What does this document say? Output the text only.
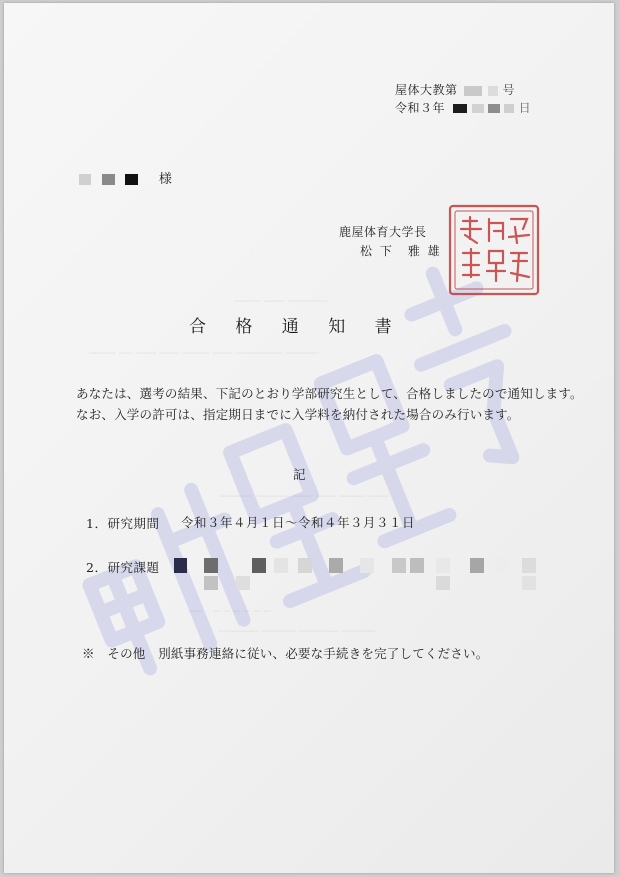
──── ─── ──────
──── ── ─── ─── ──── ─── ─────── ─────
───── ───── ─── ─── ──── ───
──　─ ─ ─ ─ ─ ─
────── ───── ────── ─────
屋体大教第	号
令和３年	日
様
鹿屋体育大学長
松 下　雅 雄
合 格 通 知 書
あなたは、選考の結果、下記のとおり学部研究生として、合格しましたので通知します。
なお、入学の許可は、指定期日までに入学料を納付された場合のみ行います。
記
1．研究期間 令和３年４月１日～令和４年３月３１日
2．研究課題
※　その他　別紙事務連絡に従い、必要な手続きを完了してください。
